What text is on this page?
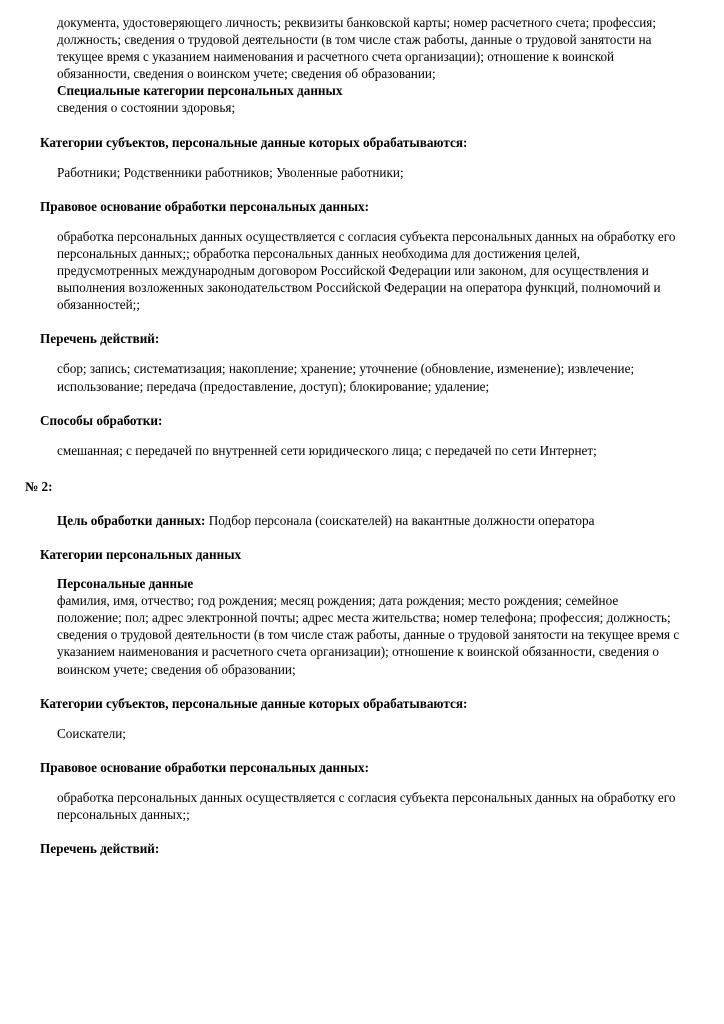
документа, удостоверяющего личность; реквизиты банковской карты; номер расчетного счета; профессия; должность; сведения о трудовой деятельности (в том числе стаж работы, данные о трудовой занятости на текущее время с указанием наименования и расчетного счета организации); отношение к воинской обязанности, сведения о воинском учете; сведения об образовании;

Специальные категории персональных данных

сведения о состоянии здоровья;

Категории субъектов, персональные данные которых обрабатываются:

Работники; Родственники работников; Уволенные работники;

Правовое основание обработки персональных данных:

обработка персональных данных осуществляется с согласия субъекта персональных данных на обработку его персональных данных;; обработка персональных данных необходима для достижения целей, предусмотренных международным договором Российской Федерации или законом, для осуществления и выполнения возложенных законодательством Российской Федерации на оператора функций, полномочий и обязанностей;;

Перечень действий:

сбор; запись; систематизация; накопление; хранение; уточнение (обновление, изменение); извлечение; использование; передача (предоставление, доступ); блокирование; удаление;

Способы обработки:

смешанная; с передачей по внутренней сети юридического лица; с передачей по сети Интернет;

№ 2:

Цель обработки данных: Подбор персонала (соискателей) на вакантные должности оператора

Категории персональных данных

Персональные данные

фамилия, имя, отчество; год рождения; месяц рождения; дата рождения; место рождения; семейное положение; пол; адрес электронной почты; адрес места жительства; номер телефона; профессия; должность; сведения о трудовой деятельности (в том числе стаж работы, данные о трудовой занятости на текущее время с указанием наименования и расчетного счета организации); отношение к воинской обязанности, сведения о воинском учете; сведения об образовании;

Категории субъектов, персональные данные которых обрабатываются:

Соискатели;

Правовое основание обработки персональных данных:

обработка персональных данных осуществляется с согласия субъекта персональных данных на обработку его персональных данных;;

Перечень действий:
